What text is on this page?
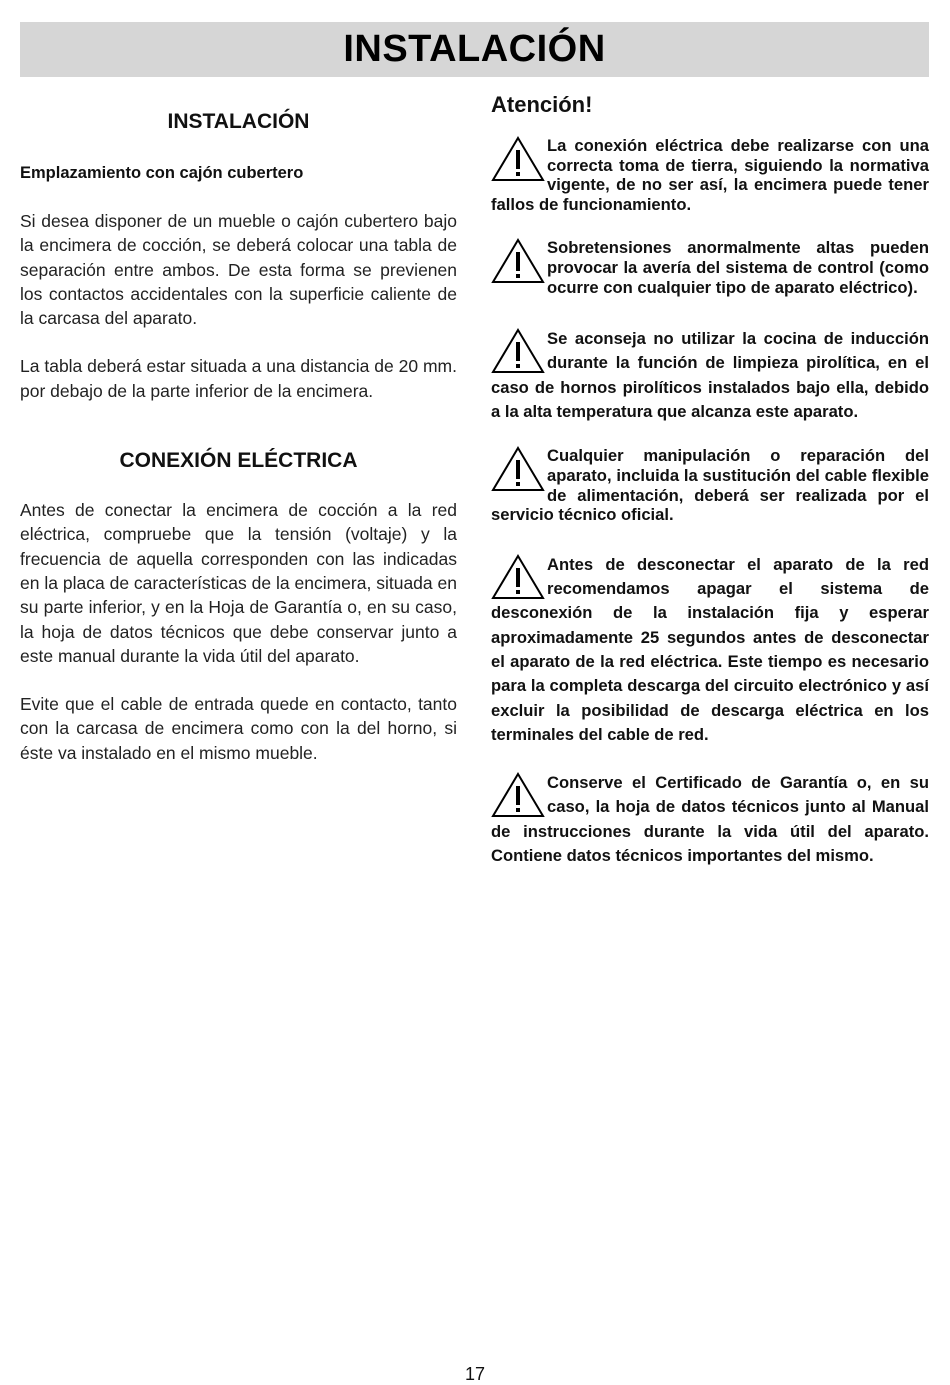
INSTALACIÓN
INSTALACIÓN
Emplazamiento con cajón cubertero

Si desea disponer de un mueble o cajón cubertero bajo la encimera de cocción, se deberá colocar una tabla de separación entre ambos. De esta forma se previenen los contactos accidentales con la superficie caliente de la carcasa del aparato.

La tabla deberá estar situada a una distancia de 20 mm. por debajo de la parte inferior de la encimera.

CONEXIÓN ELÉCTRICA

Antes de conectar la encimera de cocción a la red eléctrica, compruebe que la tensión (voltaje) y la frecuencia de aquella corresponden con las indicadas en la placa de características de la encimera, situada en su parte inferior, y en la Hoja de Garantía o, en su caso, la hoja de datos técnicos que debe conservar junto a este manual durante la vida útil del aparato.

Evite que el cable de entrada quede en contacto, tanto con la carcasa de encimera como con la del horno, si éste va instalado en el mismo mueble.

Atención!
La conexión eléctrica debe realizarse con una correcta toma de tierra, siguiendo la normativa vigente, de no ser así, la encimera puede tener fallos de funcionamiento.
Sobretensiones anormalmente altas pueden provocar la avería del sistema de control (como ocurre con cualquier tipo de aparato eléctrico).
Se aconseja no utilizar la cocina de inducción durante la función de limpieza pirolítica, en el caso de hornos pirolíticos instalados bajo ella, debido a la alta temperatura que alcanza este aparato.
Cualquier manipulación o reparación del aparato, incluida la sustitución del cable flexible de alimentación, deberá ser realizada por el servicio técnico oficial.
Antes de desconectar el aparato de la red recomendamos apagar el sistema de desconexión de la instalación fija y esperar aproximadamente 25 segundos antes de desconectar el aparato de la red eléctrica. Este tiempo es necesario para la completa descarga del circuito electrónico y así excluir la posibilidad de descarga eléctrica en los terminales del cable de red.
Conserve el Certificado de Garantía o, en su caso, la hoja de datos técnicos junto al Manual de instrucciones durante la vida útil del aparato. Contiene datos técnicos importantes del mismo.
17
